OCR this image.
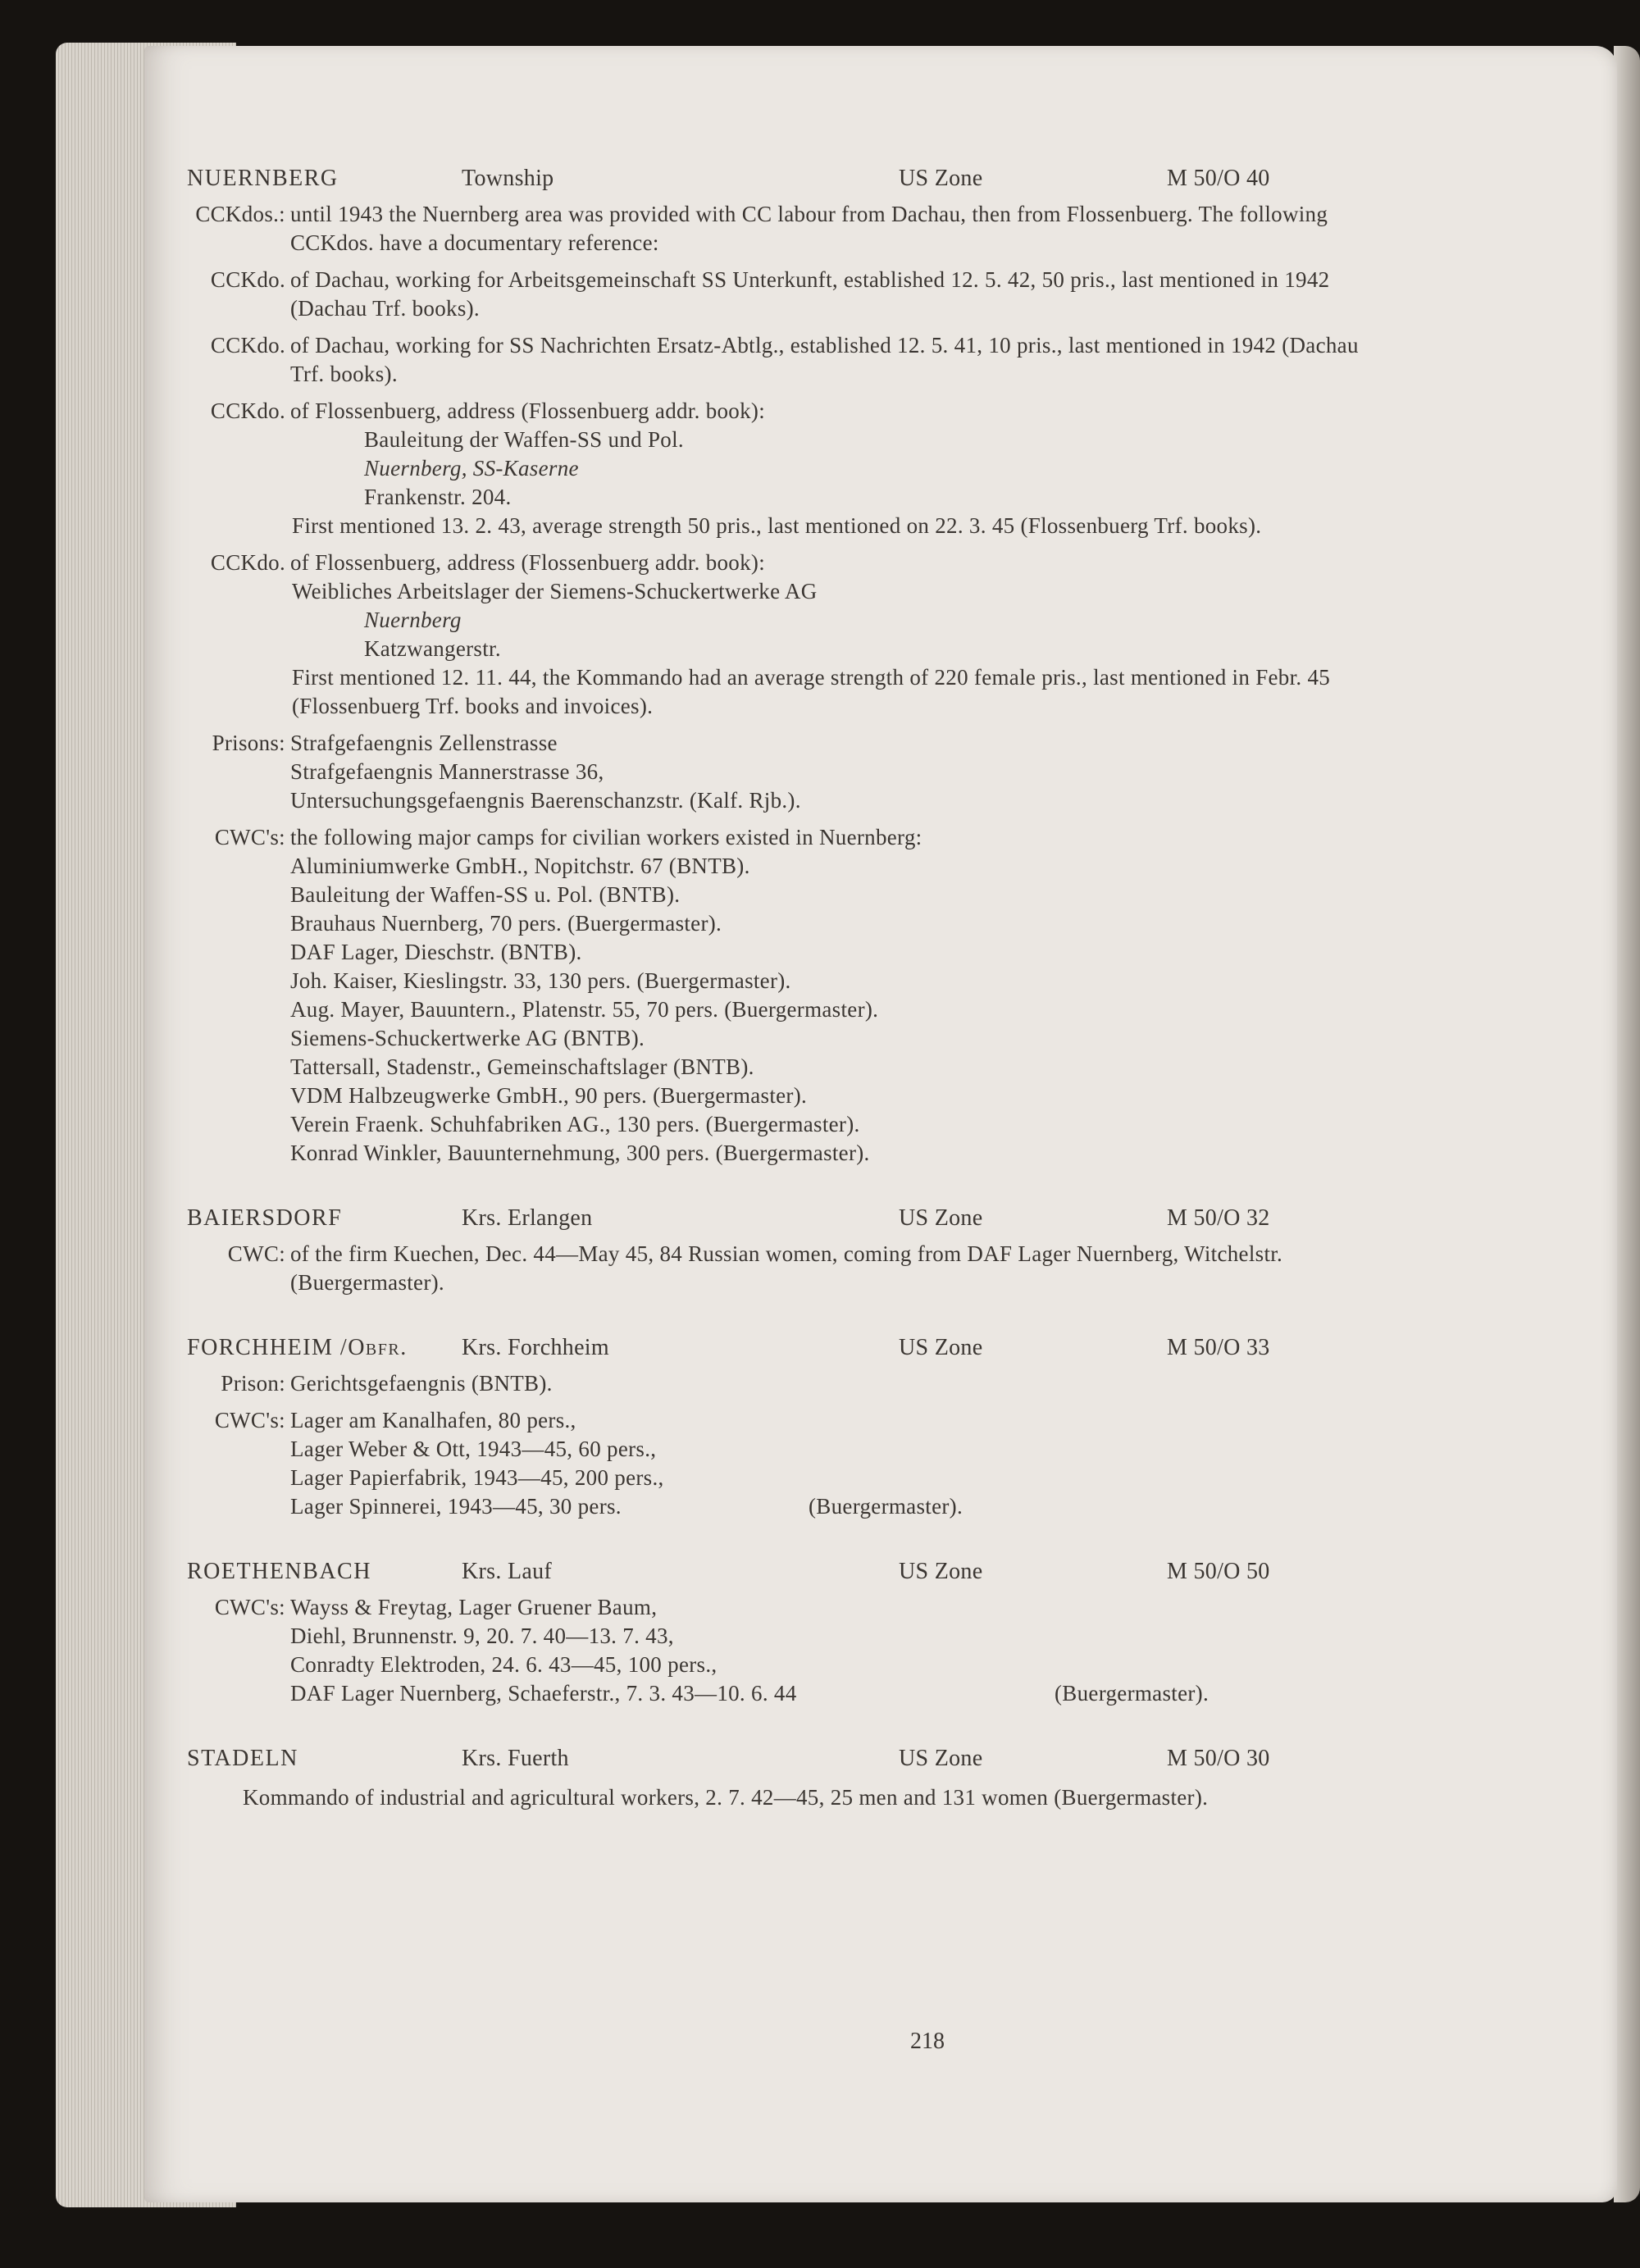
NUERNBERG	Township	US Zone	M 50/O 40
CCKdos.: until 1943 the Nuernberg area was provided with CC labour from Dachau, then from Flossenbuerg. The following CCKdos. have a documentary reference:
CCKdo. of Dachau, working for Arbeitsgemeinschaft SS Unterkunft, established 12. 5. 42, 50 pris., last mentioned in 1942 (Dachau Trf. books).
CCKdo. of Dachau, working for SS Nachrichten Ersatz-Abtlg., established 12. 5. 41, 10 pris., last mentioned in 1942 (Dachau Trf. books).
CCKdo. of Flossenbuerg, address (Flossenbuerg addr. book):
Bauleitung der Waffen-SS und Pol.
Nuernberg, SS-Kaserne
Frankenstr. 204.
First mentioned 13. 2. 43, average strength 50 pris., last mentioned on 22. 3. 45 (Flossenbuerg Trf. books).
CCKdo. of Flossenbuerg, address (Flossenbuerg addr. book):
Weibliches Arbeitslager der Siemens-Schuckertwerke AG
Nuernberg
Katzwangerstr.
First mentioned 12. 11. 44, the Kommando had an average strength of 220 female pris., last mentioned in Febr. 45 (Flossenbuerg Trf. books and invoices).
Prisons: Strafgefaengnis Zellenstrasse
Strafgefaengnis Mannerstrasse 36,
Untersuchungsgefaengnis Baerenschanzstr. (Kalf. Rjb.).
CWC's: the following major camps for civilian workers existed in Nuernberg:
Aluminiumwerke GmbH., Nopitchstr. 67 (BNTB).
Bauleitung der Waffen-SS u. Pol. (BNTB).
Brauhaus Nuernberg, 70 pers. (Buergermaster).
DAF Lager, Dieschstr. (BNTB).
Joh. Kaiser, Kieslingstr. 33, 130 pers. (Buergermaster).
Aug. Mayer, Bauuntern., Platenstr. 55, 70 pers. (Buergermaster).
Siemens-Schuckertwerke AG (BNTB).
Tattersall, Stadenstr., Gemeinschaftslager (BNTB).
VDM Halbzeugwerke GmbH., 90 pers. (Buergermaster).
Verein Fraenk. Schuhfabriken AG., 130 pers. (Buergermaster).
Konrad Winkler, Bauunternehmung, 300 pers. (Buergermaster).
BAIERSDORF	Krs. Erlangen	US Zone	M 50/O 32
CWC: of the firm Kuechen, Dec. 44—May 45, 84 Russian women, coming from DAF Lager Nuernberg, Witchelstr. (Buergermaster).
FORCHHEIM /Obfr. Krs. Forchheim	US Zone	M 50/O 33
Prison: Gerichtsgefaengnis (BNTB).
CWC's: Lager am Kanalhafen, 80 pers.,
Lager Weber & Ott, 1943—45, 60 pers.,
Lager Papierfabrik, 1943—45, 200 pers.,
Lager Spinnerei, 1943—45, 30 pers.	(Buergermaster).
ROETHENBACH	Krs. Lauf	US Zone	M 50/O 50
CWC's: Wayss & Freytag, Lager Gruener Baum,
Diehl, Brunnenstr. 9, 20. 7. 40—13. 7. 43,
Conradty Elektroden, 24. 6. 43—45, 100 pers.,
DAF Lager Nuernberg, Schaeferstr., 7. 3. 43—10. 6. 44	(Buergermaster).
STADELN	Krs. Fuerth	US Zone	M 50/O 30
Kommando of industrial and agricultural workers, 2. 7. 42—45, 25 men and 131 women (Buergermaster).
218
